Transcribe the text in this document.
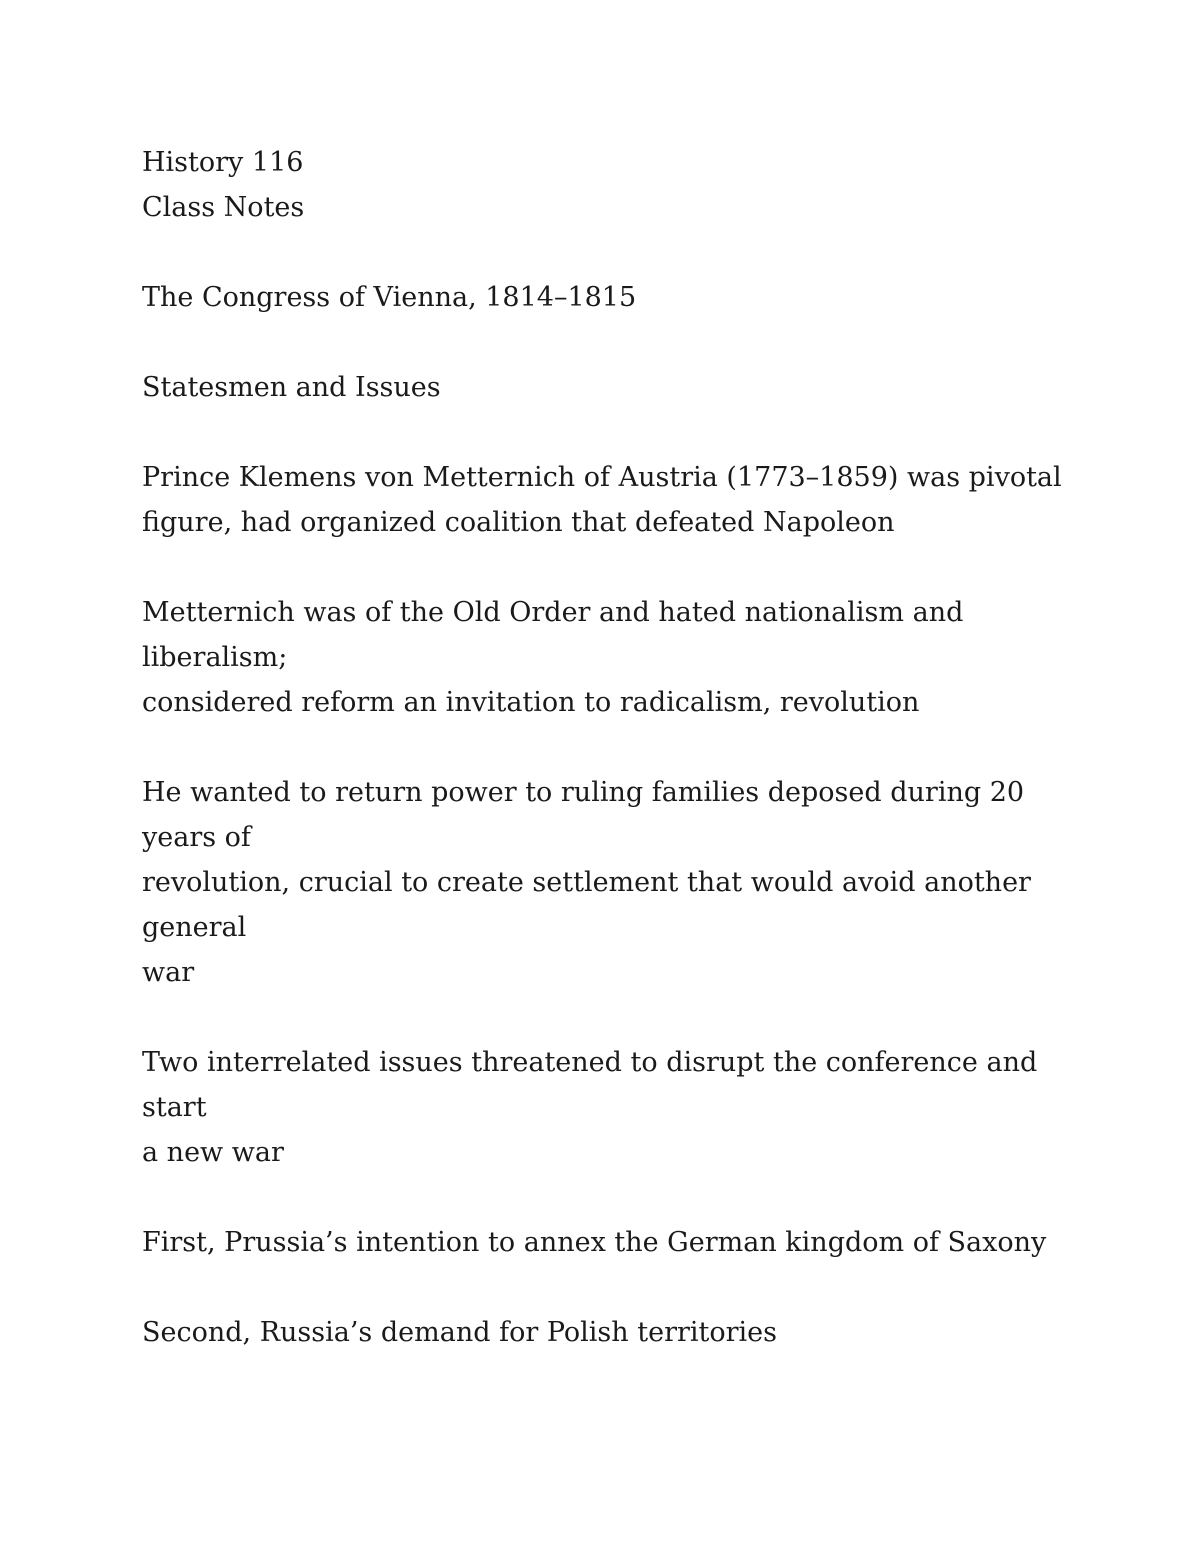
History 116
Class Notes
The Congress of Vienna, 1814–1815
Statesmen and Issues
Prince Klemens von Metternich of Austria (1773–1859) was pivotal
figure, had organized coalition that defeated Napoleon
Metternich was of the Old Order and hated nationalism and
liberalism;
considered reform an invitation to radicalism, revolution
He wanted to return power to ruling families deposed during 20
years of
revolution, crucial to create settlement that would avoid another
general
war
Two interrelated issues threatened to disrupt the conference and
start
a new war
First, Prussia’s intention to annex the German kingdom of Saxony
Second, Russia’s demand for Polish territories
